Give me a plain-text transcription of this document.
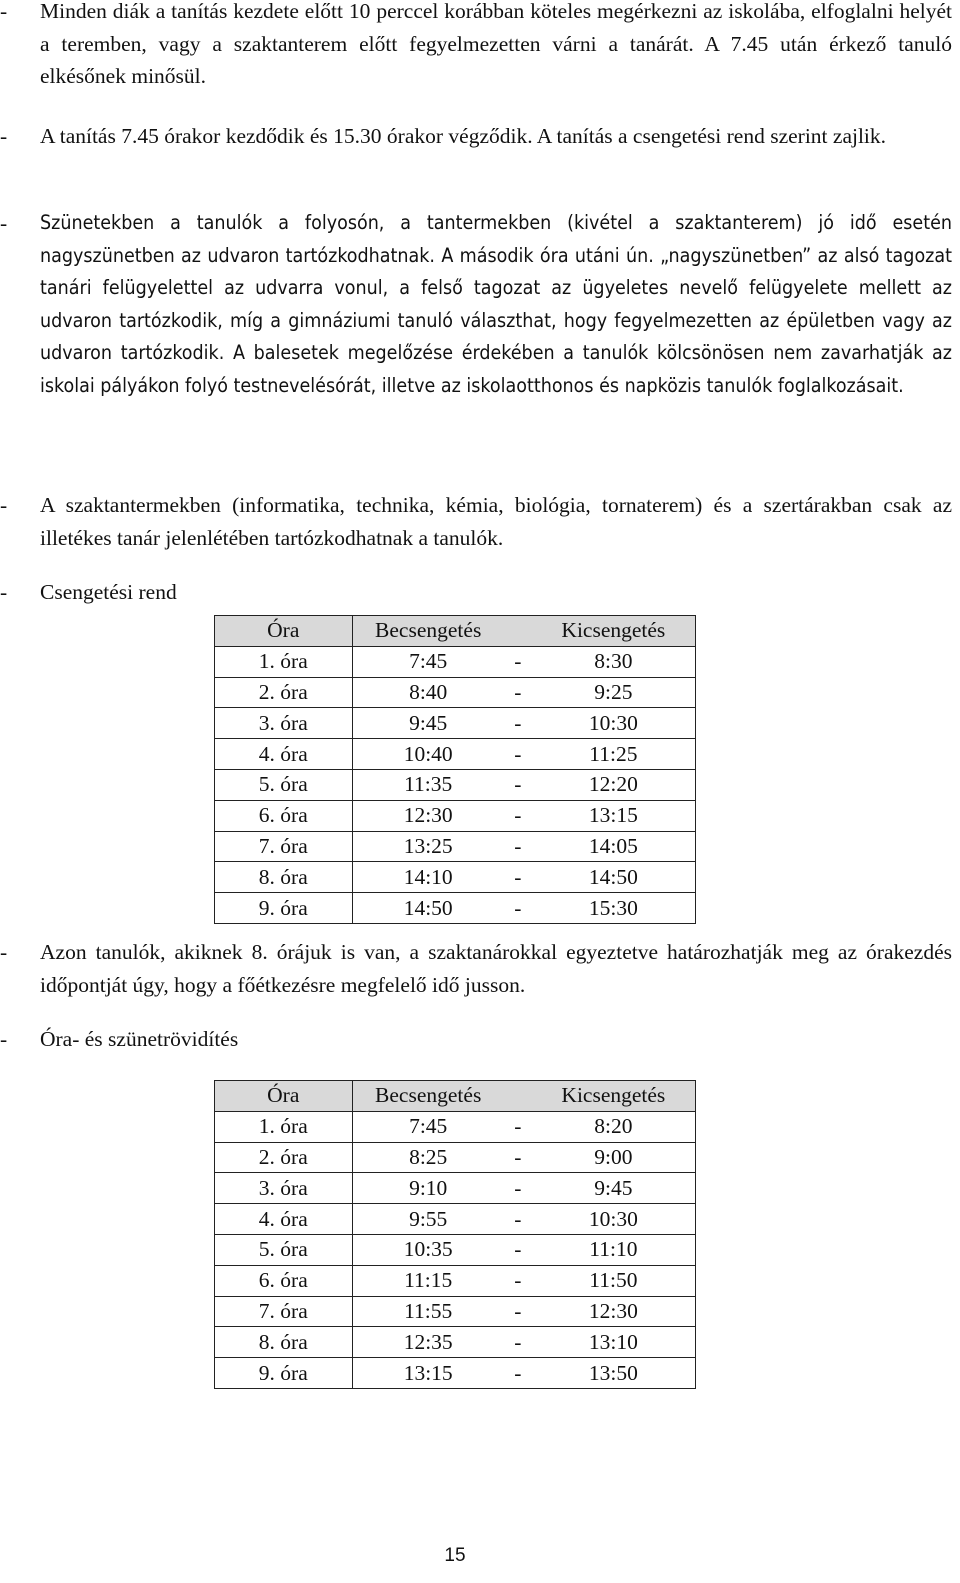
- Minden diák a tanítás kezdete előtt 10 perccel korábban köteles megérkezni az iskolába, elfoglalni helyét a teremben, vagy a szaktanterem előtt fegyelmezetten várni a tanárát. A 7.45 után érkező tanuló elkésőnek minősül.

- A tanítás 7.45 órakor kezdődik és 15.30 órakor végződik. A tanítás a csengetési rend szerint zajlik.

- Szünetekben a tanulók a folyosón, a tantermekben (kivétel a szaktanterem) jó idő esetén nagyszünetben az udvaron tartózkodhatnak. A második óra utáni ún. „nagyszünetben” az alsó tagozat tanári felügyelettel az udvarra vonul, a felső tagozat az ügyeletes nevelő felügyelete mellett az udvaron tartózkodik, míg a gimnáziumi tanuló választhat, hogy fegyelmezetten az épületben vagy az udvaron tartózkodik. A balesetek megelőzése érdekében a tanulók kölcsönösen nem zavarhatják az iskolai pályákon folyó testnevelésórát, illetve az iskolaotthonos és napközis tanulók foglalkozásait.

- A szaktantermekben (informatika, technika, kémia, biológia, tornaterem) és a szertárakban csak az illetékes tanár jelenlétében tartózkodhatnak a tanulók.

- Csengetési rend

Óra	Becsengetés		Kicsengetés
1. óra	7:45	-	8:30
2. óra	8:40	-	9:25
3. óra	9:45	-	10:30
4. óra	10:40	-	11:25
5. óra	11:35	-	12:20
6. óra	12:30	-	13:15
7. óra	13:25	-	14:05
8. óra	14:10	-	14:50
9. óra	14:50	-	15:30
- Azon tanulók, akiknek 8. órájuk is van, a szaktanárokkal egyeztetve határozhatják meg az órakezdés időpontját úgy, hogy a főétkezésre megfelelő idő jusson.

- Óra- és szünetrövidítés

Óra	Becsengetés		Kicsengetés
1. óra	7:45	-	8:20
2. óra	8:25	-	9:00
3. óra	9:10	-	9:45
4. óra	9:55	-	10:30
5. óra	10:35	-	11:10
6. óra	11:15	-	11:50
7. óra	11:55	-	12:30
8. óra	12:35	-	13:10
9. óra	13:15	-	13:50
15
